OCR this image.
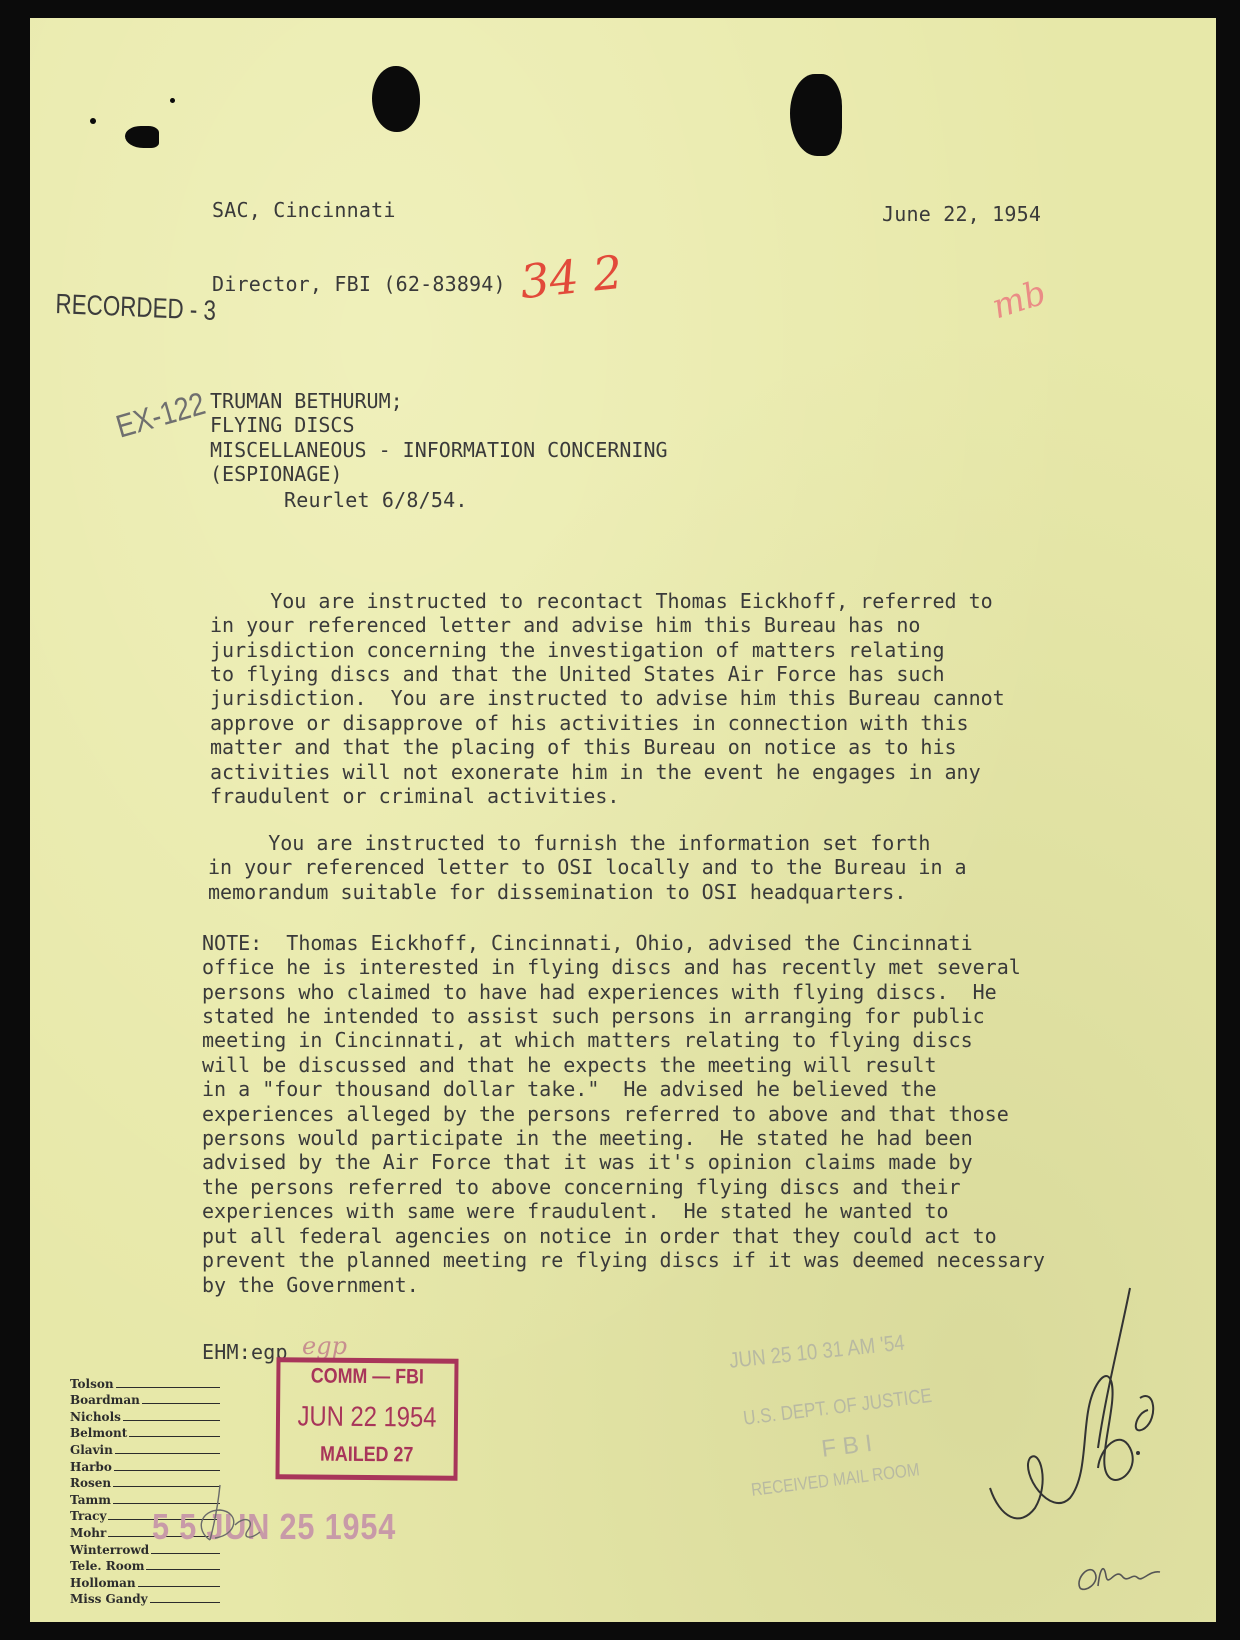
SAC, Cincinnati	June 22, 1954
RECORDED - 3
Director, FBI (62-83894) 34 2	mb

TRUMAN BETHURUM;
FLYING DISCS
MISCELLANEOUS - INFORMATION CONCERNING
(ESPIONAGE)

EX-122
Reurlet 6/8/54.

You are instructed to recontact Thomas Eickhoff, referred to
in your referenced letter and advise him this Bureau has no
jurisdiction concerning the investigation of matters relating
to flying discs and that the United States Air Force has such
jurisdiction.  You are instructed to advise him this Bureau cannot
approve or disapprove of his activities in connection with this
matter and that the placing of this Bureau on notice as to his
activities will not exonerate him in the event he engages in any
fraudulent or criminal activities.

You are instructed to furnish the information set forth
in your referenced letter to OSI locally and to the Bureau in a
memorandum suitable for dissemination to OSI headquarters.

NOTE:  Thomas Eickhoff, Cincinnati, Ohio, advised the Cincinnati
office he is interested in flying discs and has recently met several
persons who claimed to have had experiences with flying discs.  He
stated he intended to assist such persons in arranging for public
meeting in Cincinnati, at which matters relating to flying discs
will be discussed and that he expects the meeting will result
in a "four thousand dollar take."  He advised he believed the
experiences alleged by the persons referred to above and that those
persons would participate in the meeting.  He stated he had been
advised by the Air Force that it was it's opinion claims made by
the persons referred to above concerning flying discs and their
experiences with same were fraudulent.  He stated he wanted to
put all federal agencies on notice in order that they could act to
prevent the planned meeting re flying discs if it was deemed necessary
by the Government.

EHM:egp egp
Tolson
Boardman
Nichols
Belmont
Glavin
Harbo
Rosen
Tamm
Tracy
Mohr
Winterrowd
Tele. Room
Holloman
Miss Gandy
COMM — FBI
JUN 22 1954
MAILED 27
5 5 JUN 25 1954
JUN 25 10 31 AM '54
U.S. DEPT. OF JUSTICE
F B I
RECEIVED MAIL ROOM
